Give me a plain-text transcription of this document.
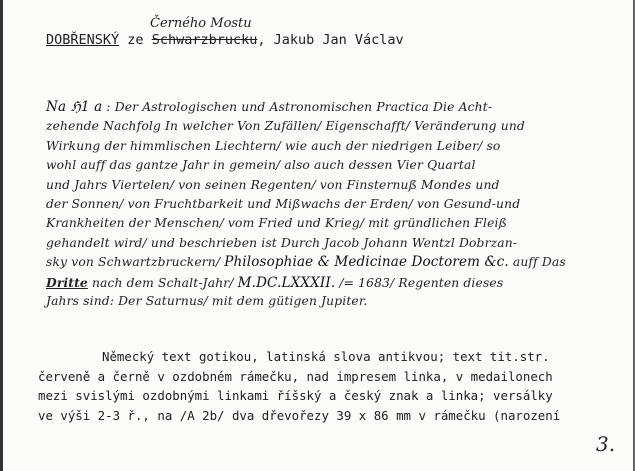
Černého Mostu
DOBŘENSKÝ ze Schwarzbrucku, Jakub Jan Václav
Na ℌ1 a : Der Astrologischen und Astronomischen Practica Die Acht-
zehende Nachfolg In welcher Von Zufällen/ Eigenschafft/ Veränderung und
Wirkung der himmlischen Liechtern/ wie auch der niedrigen Leiber/ so
wohl auff das gantze Jahr in gemein/ also auch dessen Vier Quartal
und Jahrs Viertelen/ von seinen Regenten/ von Finsternuß Mondes und
der Sonnen/ von Fruchtbarkeit und Mißwachs der Erden/ von Gesund-und
Krankheiten der Menschen/ vom Fried und Krieg/ mit gründlichen Fleiß
gehandelt wird/ und beschrieben ist Durch Jacob Johann Wentzl Dobrzan-
sky von Schwartzbruckern/ Philosophiae & Medicinae Doctorem &c. auff Das
Dritte nach dem Schalt-Jahr/ M.DC.LXXXII. /= 1683/ Regenten dieses
Jahrs sind: Der Saturnus/ mit dem gütigen Jupiter.
Německý text gotikou, latinská slova antikvou; text tit.str.
červeně a černě v ozdobném rámečku, nad impresem linka, v medailonech
mezi svislými ozdobnými linkami říšský a český znak a linka; versálky
ve výši 2-3 ř., na /A 2b/ dva dřevořezy 39 x 86 mm v rámečku (narození
3.
